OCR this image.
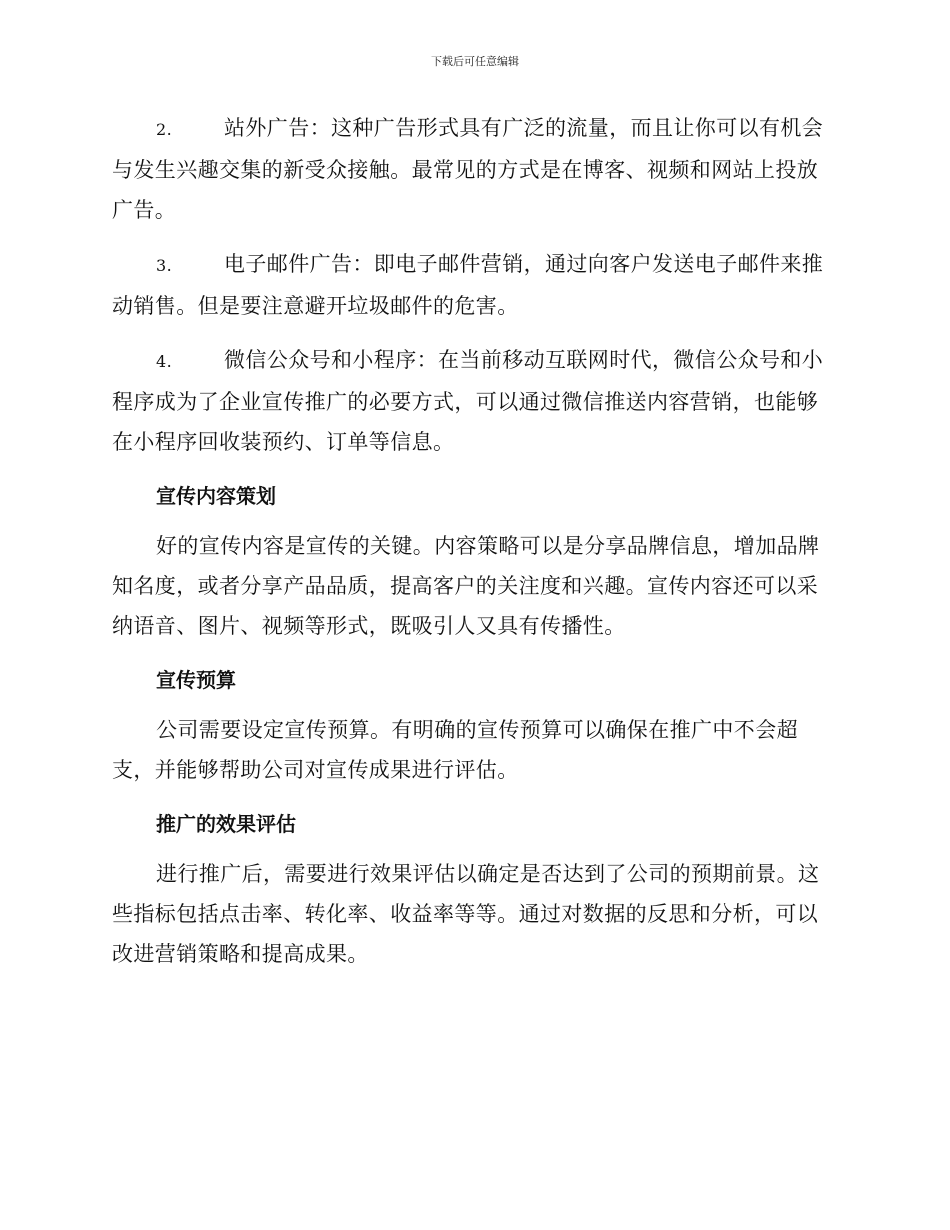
下载后可任意编辑

2. 站外广告：这种广告形式具有广泛的流量，而且让你可以有机会与发生兴趣交集的新受众接触。最常见的方式是在博客、视频和网站上投放广告。

3. 电子邮件广告：即电子邮件营销，通过向客户发送电子邮件来推动销售。但是要注意避开垃圾邮件的危害。

4. 微信公众号和小程序：在当前移动互联网时代，微信公众号和小程序成为了企业宣传推广的必要方式，可以通过微信推送内容营销，也能够在小程序回收装预约、订单等信息。

宣传内容策划

好的宣传内容是宣传的关键。内容策略可以是分享品牌信息，增加品牌知名度，或者分享产品品质，提高客户的关注度和兴趣。宣传内容还可以采纳语音、图片、视频等形式，既吸引人又具有传播性。

宣传预算

公司需要设定宣传预算。有明确的宣传预算可以确保在推广中不会超支，并能够帮助公司对宣传成果进行评估。

推广的效果评估

进行推广后，需要进行效果评估以确定是否达到了公司的预期前景。这些指标包括点击率、转化率、收益率等等。通过对数据的反思和分析，可以改进营销策略和提高成果。
